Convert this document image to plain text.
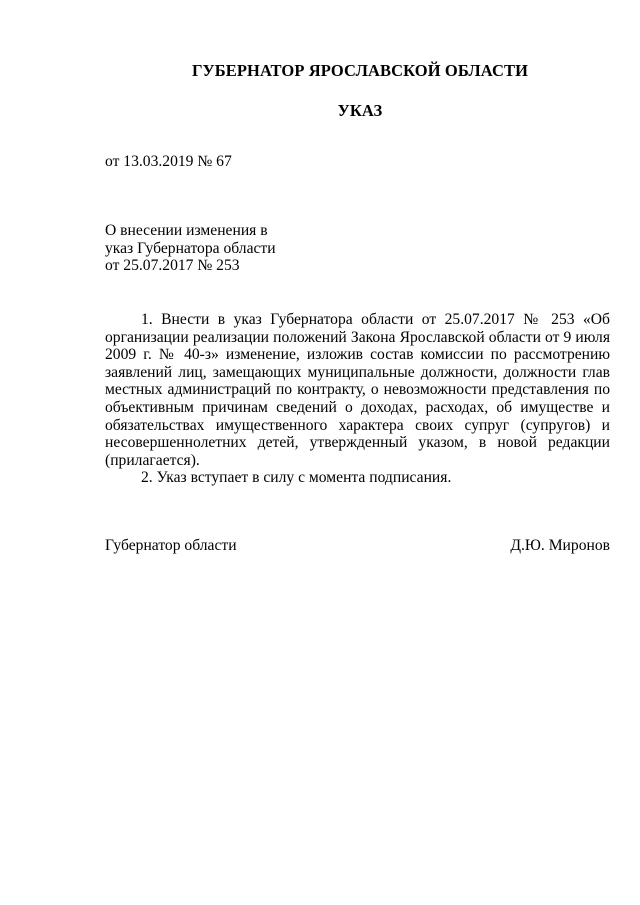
ГУБЕРНАТОР ЯРОСЛАВСКОЙ ОБЛАСТИ
УКАЗ
от 13.03.2019 № 67
О внесении изменения в
указ Губернатора области
от 25.07.2017 № 253

1. Внести в указ Губернатора области от 25.07.2017 № 253 «Об организации реализации положений Закона Ярославской области от 9 июля 2009 г. № 40-з» изменение, изложив состав комиссии по рассмотрению заявлений лиц, замещающих муниципальные должности, должности глав местных администраций по контракту, о невозможности представления по объективным причинам сведений о доходах, расходах, об имуществе и обязательствах имущественного характера своих супруг (супругов) и несовершеннолетних детей, утвержденный указом, в новой редакции (прилагается).

2. Указ вступает в силу с момента подписания.

Губернатор области	Д.Ю. Миронов
